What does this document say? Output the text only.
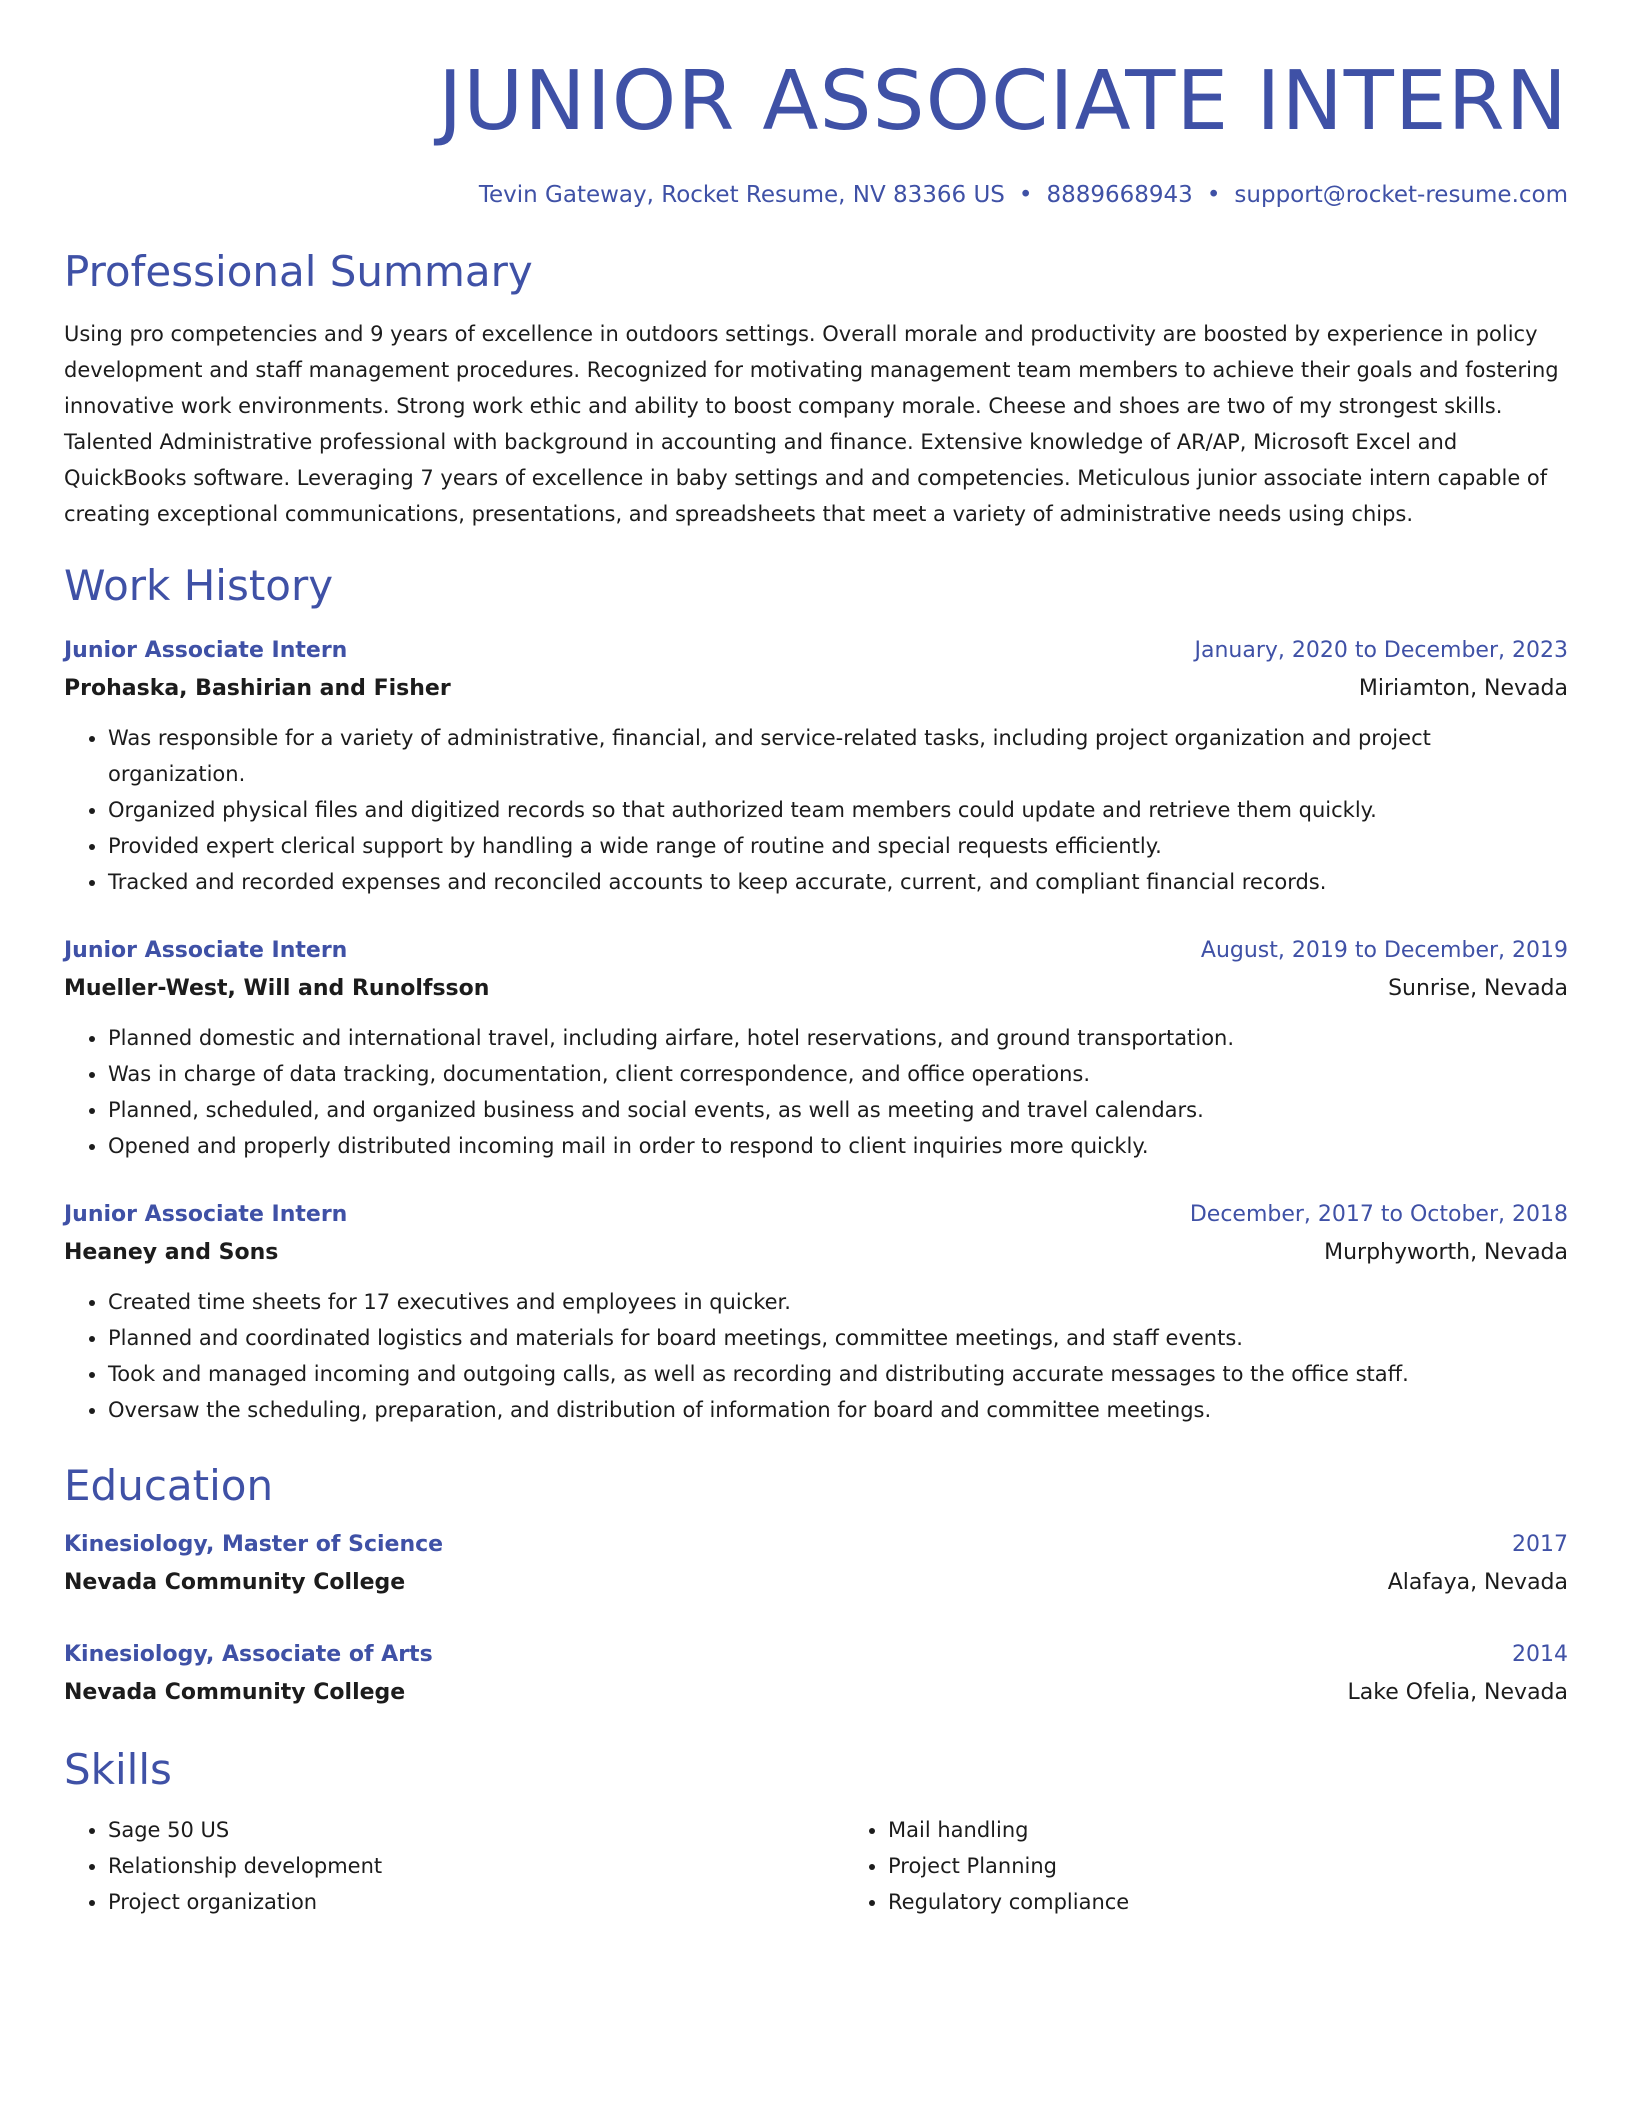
JUNIOR ASSOCIATE INTERN
Tevin Gateway, Rocket Resume, NV 83366 US • 8889668943 • support@rocket-resume.com
Professional Summary
Using pro competencies and 9 years of excellence in outdoors settings. Overall morale and productivity are boosted by experience in policy development and staff management procedures. Recognized for motivating management team members to achieve their goals and fostering innovative work environments. Strong work ethic and ability to boost company morale. Cheese and shoes are two of my strongest skills. Talented Administrative professional with background in accounting and finance. Extensive knowledge of AR/AP, Microsoft Excel and QuickBooks software. Leveraging 7 years of excellence in baby settings and and competencies. Meticulous junior associate intern capable of creating exceptional communications, presentations, and spreadsheets that meet a variety of administrative needs using chips.
Work History
Junior Associate Intern	January, 2020 to December, 2023
Prohaska, Bashirian and Fisher	Miriamton, Nevada
• Was responsible for a variety of administrative, financial, and service-related tasks, including project organization and project organization.
• Organized physical files and digitized records so that authorized team members could update and retrieve them quickly.
• Provided expert clerical support by handling a wide range of routine and special requests efficiently.
• Tracked and recorded expenses and reconciled accounts to keep accurate, current, and compliant financial records.
Junior Associate Intern	August, 2019 to December, 2019
Mueller-West, Will and Runolfsson	Sunrise, Nevada
• Planned domestic and international travel, including airfare, hotel reservations, and ground transportation.
• Was in charge of data tracking, documentation, client correspondence, and office operations.
• Planned, scheduled, and organized business and social events, as well as meeting and travel calendars.
• Opened and properly distributed incoming mail in order to respond to client inquiries more quickly.
Junior Associate Intern	December, 2017 to October, 2018
Heaney and Sons	Murphyworth, Nevada
• Created time sheets for 17 executives and employees in quicker.
• Planned and coordinated logistics and materials for board meetings, committee meetings, and staff events.
• Took and managed incoming and outgoing calls, as well as recording and distributing accurate messages to the office staff.
• Oversaw the scheduling, preparation, and distribution of information for board and committee meetings.
Education
Kinesiology, Master of Science	2017
Nevada Community College	Alafaya, Nevada
Kinesiology, Associate of Arts	2014
Nevada Community College	Lake Ofelia, Nevada
Skills
• Sage 50 US
• Relationship development
• Project organization
• Mail handling
• Project Planning
• Regulatory compliance
